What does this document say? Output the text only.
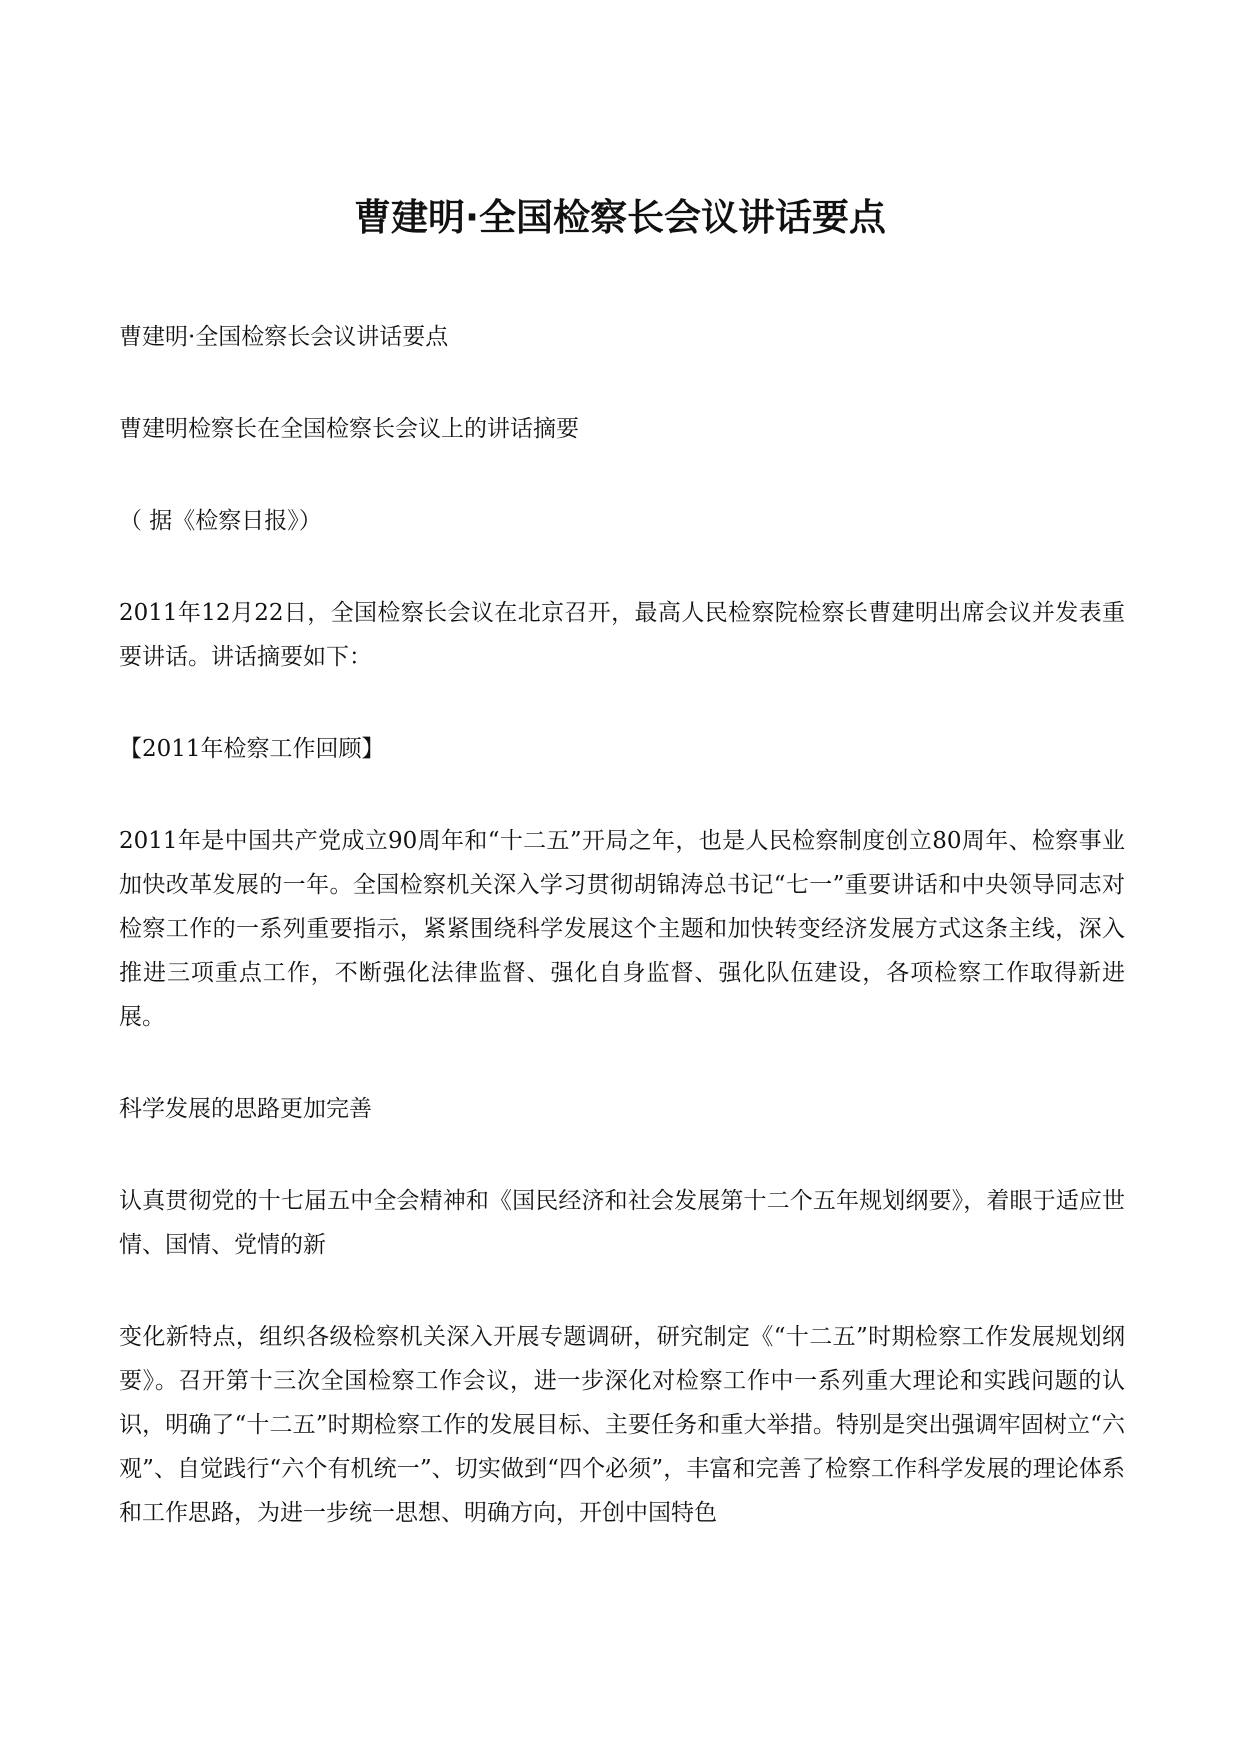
曹建明·全国检察长会议讲话要点

曹建明·全国检察长会议讲话要点

曹建明检察长在全国检察长会议上的讲话摘要

（ 据《检察日报》）

2011年12月22日，全国检察长会议在北京召开，最高人民检察院检察长曹建明出席会议并发表重要讲话。讲话摘要如下：

【2011年检察工作回顾】

2011年是中国共产党成立90周年和“十二五”开局之年，也是人民检察制度创立80周年、检察事业加快改革发展的一年。全国检察机关深入学习贯彻胡锦涛总书记“七一”重要讲话和中央领导同志对检察工作的一系列重要指示，紧紧围绕科学发展这个主题和加快转变经济发展方式这条主线，深入推进三项重点工作，不断强化法律监督、强化自身监督、强化队伍建设，各项检察工作取得新进展。

科学发展的思路更加完善

认真贯彻党的十七届五中全会精神和《国民经济和社会发展第十二个五年规划纲要》，着眼于适应世情、国情、党情的新

变化新特点，组织各级检察机关深入开展专题调研，研究制定《“十二五”时期检察工作发展规划纲要》。召开第十三次全国检察工作会议，进一步深化对检察工作中一系列重大理论和实践问题的认识，明确了“十二五”时期检察工作的发展目标、主要任务和重大举措。特别是突出强调牢固树立“六观”、自觉践行“六个有机统一”、切实做到“四个必须”，丰富和完善了检察工作科学发展的理论体系和工作思路，为进一步统一思想、明确方向，开创中国特色
